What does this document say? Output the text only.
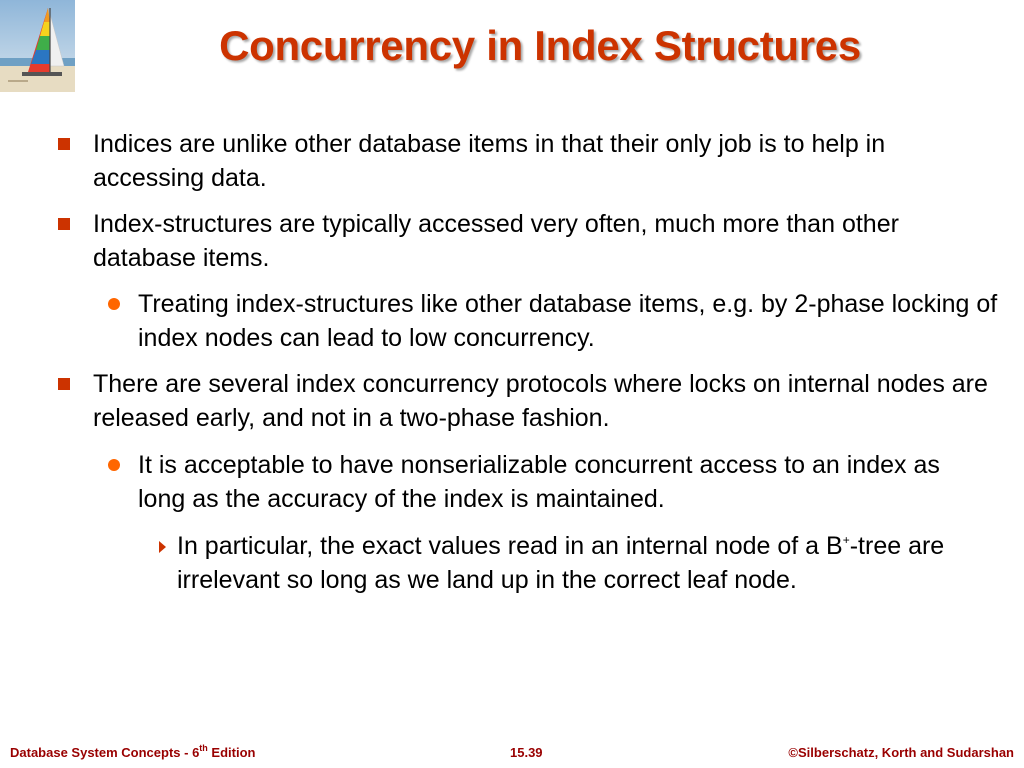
Concurrency in Index Structures
Indices are unlike other database items in that their only job is to help in accessing data.
Index-structures are typically accessed very often, much more than other database items.
Treating index-structures like other database items, e.g. by 2-phase locking of index nodes can lead to low concurrency.
There are several index concurrency protocols where locks on internal nodes are released early, and not in a two-phase fashion.
It is acceptable to have nonserializable concurrent access to an index as long as the accuracy of the index is maintained.
In particular, the exact values read in an internal node of a B+-tree are irrelevant so long as we land up in the correct leaf node.
Database System Concepts - 6th Edition	15.39	©Silberschatz, Korth and Sudarshan
